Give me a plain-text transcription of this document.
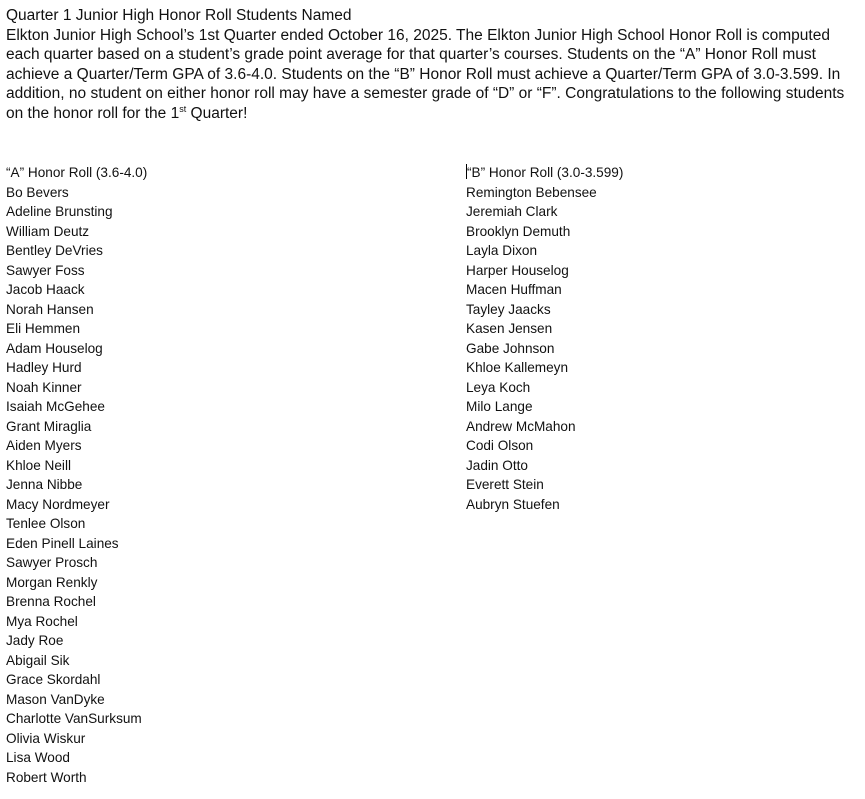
Quarter 1 Junior High Honor Roll Students Named

Elkton Junior High School’s 1st Quarter ended October 16, 2025. The Elkton Junior High School Honor Roll is computed each quarter based on a student’s grade point average for that quarter’s courses. Students on the “A” Honor Roll must achieve a Quarter/Term GPA of 3.6-4.0. Students on the “B” Honor Roll must achieve a Quarter/Term GPA of 3.0-3.599. In addition, no student on either honor roll may have a semester grade of “D” or “F”. Congratulations to the following students on the honor roll for the 1st Quarter!

“A” Honor Roll (3.6-4.0)
Bo Bevers
Adeline Brunsting
William Deutz
Bentley DeVries
Sawyer Foss
Jacob Haack
Norah Hansen
Eli Hemmen
Adam Houselog
Hadley Hurd
Noah Kinner
Isaiah McGehee
Grant Miraglia
Aiden Myers
Khloe Neill
Jenna Nibbe
Macy Nordmeyer
Tenlee Olson
Eden Pinell Laines
Sawyer Prosch
Morgan Renkly
Brenna Rochel
Mya Rochel
Jady Roe
Abigail Sik
Grace Skordahl
Mason VanDyke
Charlotte VanSurksum
Olivia Wiskur
Lisa Wood
Robert Worth
“B” Honor Roll (3.0-3.599)
Remington Bebensee
Jeremiah Clark
Brooklyn Demuth
Layla Dixon
Harper Houselog
Macen Huffman
Tayley Jaacks
Kasen Jensen
Gabe Johnson
Khloe Kallemeyn
Leya Koch
Milo Lange
Andrew McMahon
Codi Olson
Jadin Otto
Everett Stein
Aubryn Stuefen
